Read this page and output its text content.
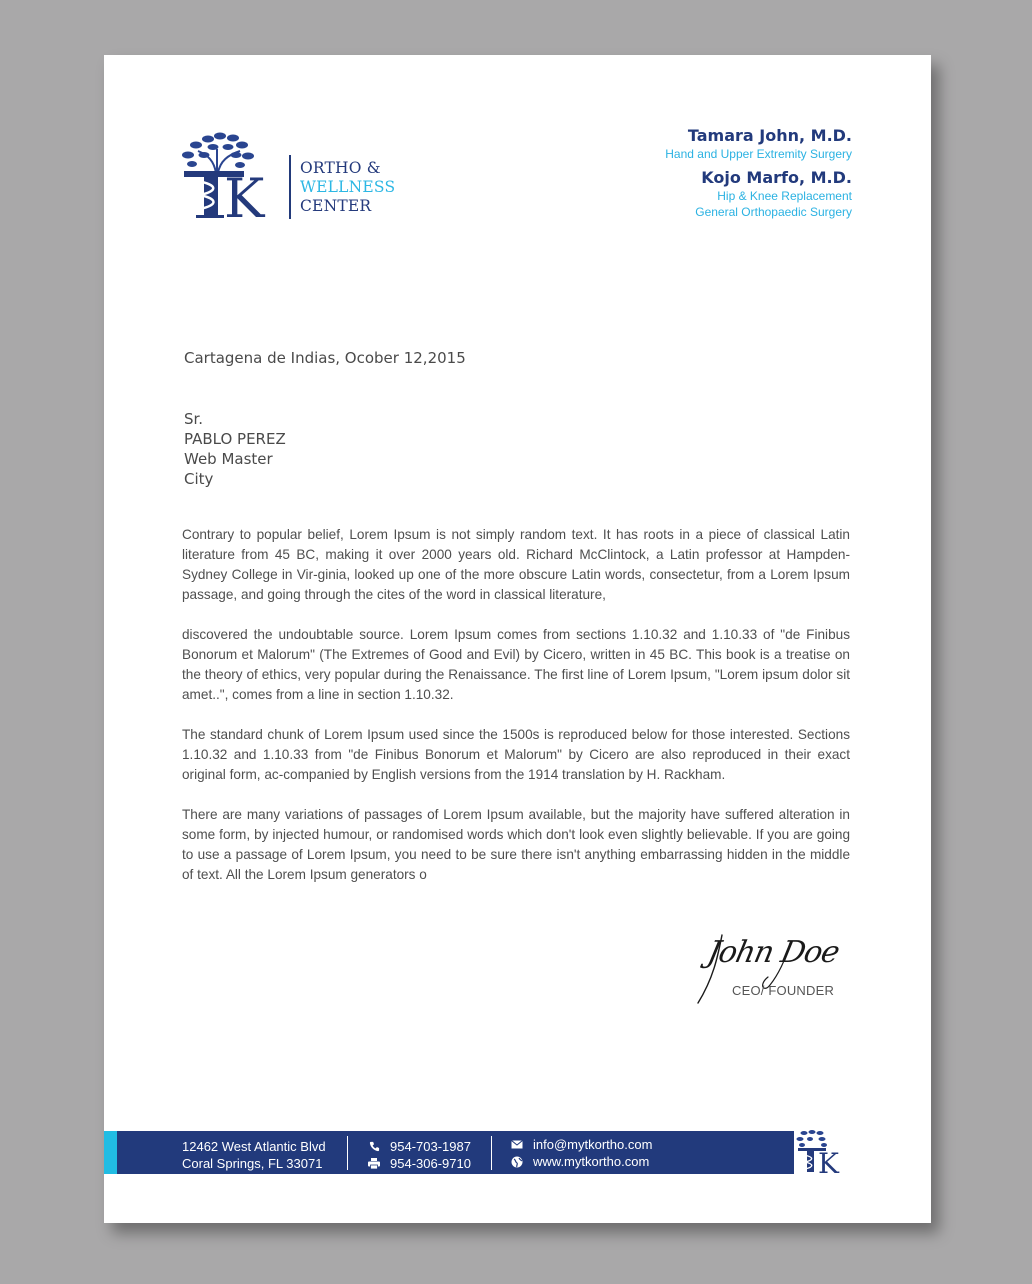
K ORTHO &
WELLNESS
CENTER
Tamara John, M.D.
Hand and Upper Extremity Surgery
Kojo Marfo, M.D.
Hip & Knee Replacement
General Orthopaedic Surgery
Cartagena de Indias, Ocober 12,2015
Sr.
PABLO PEREZ
Web Master
City

Contrary to popular belief, Lorem Ipsum is not simply random text. It has roots in a piece of classical Latin literature from 45 BC, making it over 2000 years old. Richard McClintock, a Latin professor at Hampden-Sydney College in Vir-ginia, looked up one of the more obscure Latin words, consectetur, from a Lorem Ipsum passage, and going through the cites of the word in classical literature,

discovered the undoubtable source. Lorem Ipsum comes from sections 1.10.32 and 1.10.33 of "de Finibus Bonorum et Malorum" (The Extremes of Good and Evil) by Cicero, written in 45 BC. This book is a treatise on the theory of ethics, very popular during the Renaissance. The first line of Lorem Ipsum, "Lorem ipsum dolor sit amet..", comes from a line in section 1.10.32.

The standard chunk of Lorem Ipsum used since the 1500s is reproduced below for those interested. Sections 1.10.32 and 1.10.33 from "de Finibus Bonorum et Malorum" by Cicero are also reproduced in their exact original form, ac-companied by English versions from the 1914 translation by H. Rackham.

There are many variations of passages of Lorem Ipsum available, but the majority have suffered alteration in some form, by injected humour, or randomised words which don't look even slightly believable. If you are going to use a passage of Lorem Ipsum, you need to be sure there isn't anything embarrassing hidden in the middle of text. All the Lorem Ipsum generators o

John Doe
CEO/ FOUNDER
12462 West Atlantic Blvd
Coral Springs, FL 33071
954-703-1987
954-306-9710
info@mytkortho.com
www.mytkortho.com	K
